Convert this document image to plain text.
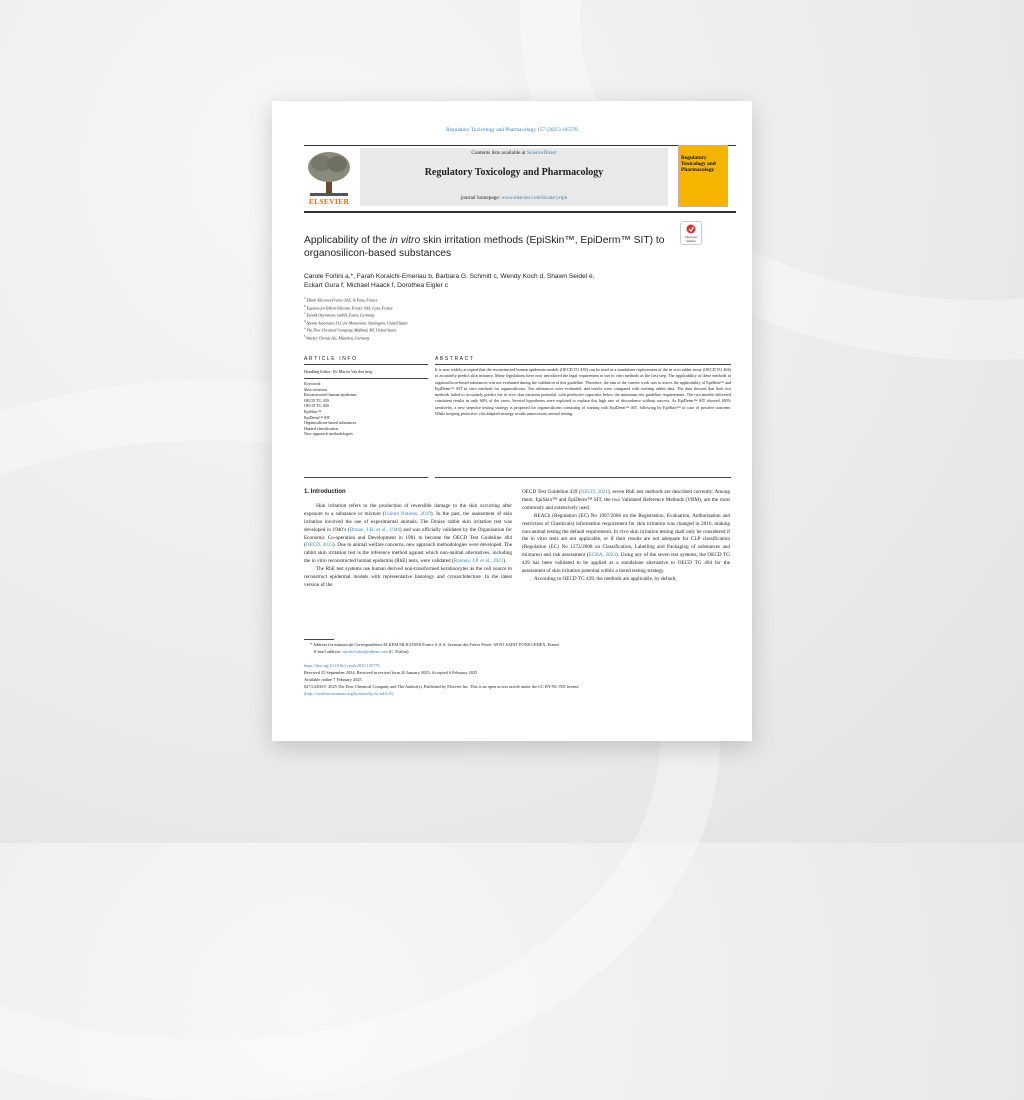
Regulatory Toxicology and Pharmacology 157 (2025) 105778
ELSEVIER
Contents lists available at ScienceDirect
Regulatory Toxicology and Pharmacology
journal homepage: www.elsevier.com/locate/yrtph
Regulatory Toxicology and Pharmacology
Check for updates
Applicability of the in vitro skin irritation methods (EpiSkin™, EpiDerm™ SIT) to organosilicon-based substances
Carole Forlini a,*, Farah Koraichi-Emeriau b, Barbara G. Schmitt c, Wendy Koch d, Shawn Seidel e,
Eckart Gura f, Michael Haack f, Dorothea Eigler c
$^a$ Elkem Silicones France SAS, St Fons, France
$^b$ Equinox for Elkem Silicones France SAS, Lyon, France
$^c$ Evonik Operations GmbH, Essen, Germany
$^d$ Spoma Associates LLC for Momentive, Stonington, United States
$^e$ The Dow Chemical Company, Midland, MI, United States
$^f$ Wacker Chemie AG, München, Germany
ARTICLE INFO	ABSTRACT
Handling Editor: Dr. Martin Van den berg
Keywords:
Skin irritation
Reconstructed human epidermis
OECD TG 439
OECD TG 404
EpiSkin™
EpiDerm™ SIT
Organosilicon-based substances
Hazard classification
New approach methodologies
It is now widely accepted that the reconstructed human epidermis models (OECD TG 439) can be used as a standalone replacement of the in vivo rabbit assay (OECD TG 404) to accurately predict skin irritancy. Many legislations have now introduced the legal requirement to use in vitro methods as the first step. The applicability of these methods to organosilicon-based substances was not evaluated during the validation of this guideline. Therefore, the aim of the current work was to assess the applicability of EpiSkin™ and EpiDerm™ SIT in vitro methods for organosilicons. Ten substances were evaluated, and results were compared with existing rabbit data. The data showed that both test methods failed to accurately predict the in vivo skin irritation potential, with predictive capacities below the minimum test guideline requirements. The two models delivered consistent results in only 60% of the cases. Several hypotheses were explored to explain this high rate of discordance without success. As EpiDerm™ SIT showed 100% sensitivity, a new stepwise testing strategy is proposed for organosilicons consisting of starting with EpiDerm™ SIT, following by EpiSkin™ in case of positive outcome. While keeping protective, this adapted strategy avoids unnecessary animal testing.

1. Introduction

Skin irritation refers to the production of reversible damage to the skin occurring after exposure to a substance or mixture (United Nations, 2019). In the past, the assessment of skin irritation involved the use of experimental animals. The Draize rabbit skin irritation test was developed in 1940’s (Draize, J.H. et al., 1944) and was officially validated by the Organisation for Economic Co-operation and Development in 1981 to become the OECD Test Guideline 404 (OECD, 2015). Due to animal welfare concerns, new approach methodologies were developed. The rabbit skin irritation test is the reference method against which non-animal alternatives, including the in vitro reconstructed human epidermis (RhE) tests, were validated (Rooney, J.P. et al., 2021).

The RhE test systems use human derived non-transformed keratinocytes as the cell source to reconstruct epidermal models with representative histology and cytoarchitecture. In the latest version of the

OECD Test Guideline 439 (OECD, 2021), seven RhE test methods are described currently. Among them, EpiSkin™ and EpiDerm™ SIT, the two Validated Reference Methods (VRM), are the most commonly and extensively used.

REACh (Regulation (EC) No 1907/2006 on the Registration, Evaluation, Authorisation and restriction of Chemicals) information requirement for skin irritation was changed in 2016, making non-animal testing the default requirement. In vivo skin irritation testing shall only be considered if the in vitro tests are not applicable, or if their results are not adequate for CLP classification (Regulation (EC) No 1272/2008 on Classification, Labelling and Packaging of substances and mixtures) and risk assessment (ECHA, 2023). Using any of the seven test systems, the OECD TG 439 has been validated to be applied as a standalone alternative to OECD TG 404 for the assessment of skin irritation potential within a tiered testing strategy.

According to OECD TG 439, the methods are applicable, by default,

* Address for manuscript Correspondence ELKEM SILICONES France S.A.S. 1avenue des Frères Perret. 69191 SAINT FONS CEDEX. France
E-mail address: carole.forlini@elkem.com (C. Forlini).
https://doi.org/10.1016/j.yrtph.2025.105778
Received 25 September 2024; Received in revised form 20 January 2025; Accepted 6 February 2025
Available online 7 February 2025
0273-2300/© 2025 The Dow Chemical Company and The Author(s). Published by Elsevier Inc. This is an open access article under the CC BY-NC-ND license
(http://creativecommons.org/licenses/by-nc-nd/4.0/).
